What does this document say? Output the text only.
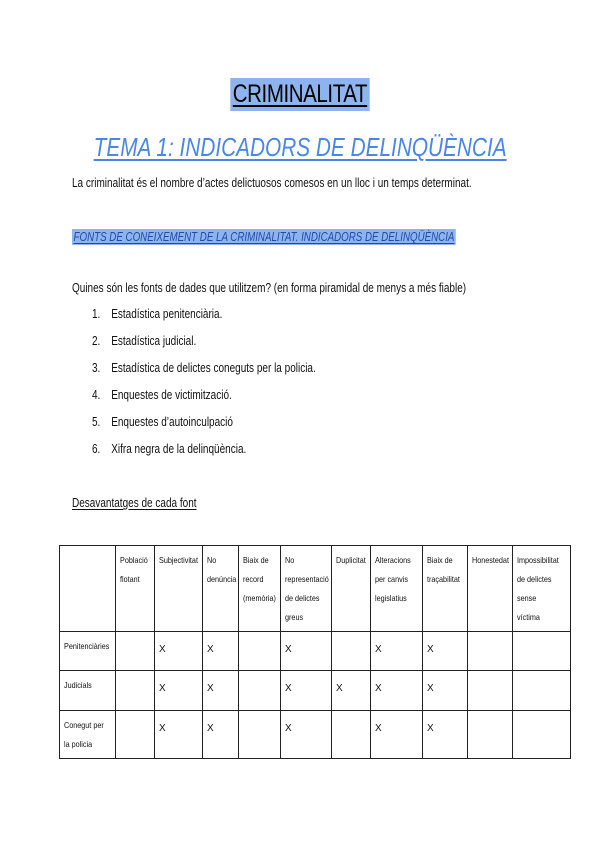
CRIMINALITAT
TEMA 1: INDICADORS DE DELINQÜÈNCIA
La criminalitat és el nombre d’actes delictuosos comesos en un lloc i un temps determinat.
FONTS DE CONEIXEMENT DE LA CRIMINALITAT. INDICADORS DE DELINQÜÈNCIA
Quines són les fonts de dades que utilitzem? (en forma piramidal de menys a més fiable)
1. Estadística penitenciària.
2. Estadística judicial.
3. Estadística de delictes coneguts per la policia.
4. Enquestes de victimització.
5. Enquestes d’autoinculpació
6. Xifra negra de la delinqüència.
Desavantatges de cada font

	Població flotant	Subjectivitat	No denúncia	Biaix de record (memòria)	No representació de delictes greus	Duplicitat	Alteracions per canvis legislatius	Biaix de traçabilitat	Honestedat	Impossibilitat de delictes sense víctima

Penitenciàries		X	X		X		X	X		

Judicials		X	X		X	X	X	X		

Conegut per la policia		X	X		X		X	X		
